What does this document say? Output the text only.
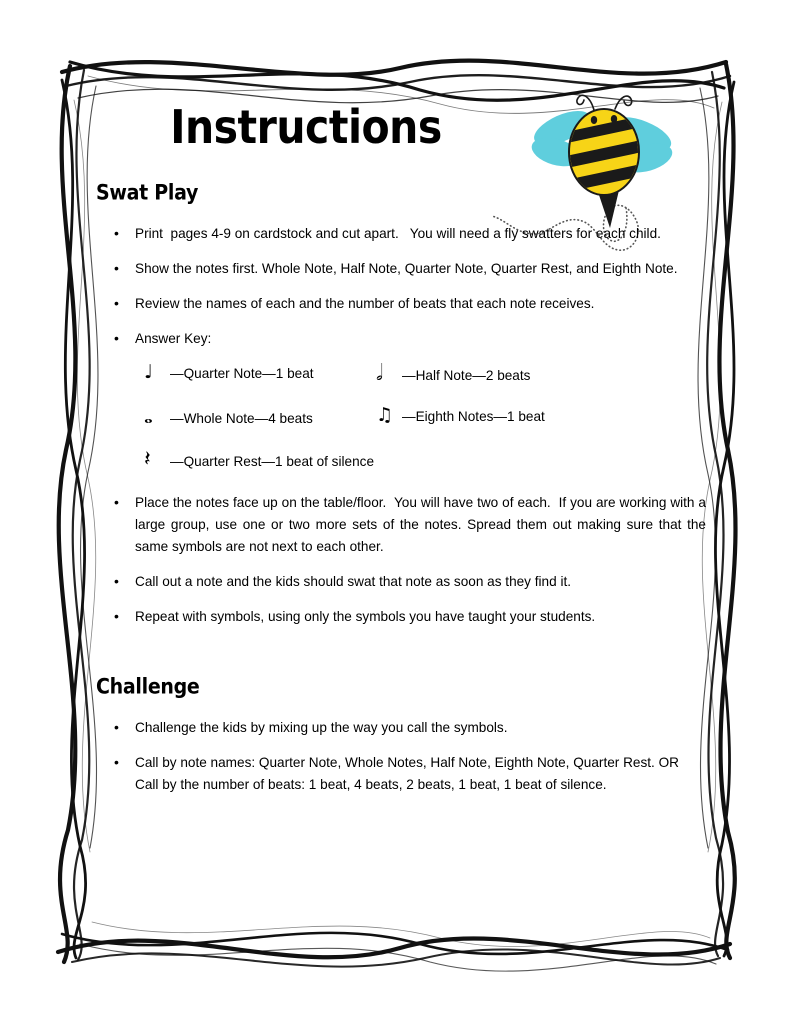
Instructions
Swat Play
• Print  pages 4-9 on cardstock and cut apart.   You will need a fly swatters for each child.
• Show the notes first. Whole Note, Half Note, Quarter Note, Quarter Rest, and Eighth Note.
• Review the names of each and the number of beats that each note receives.
• Answer Key:
♩	—Quarter Note—1 beat	𝅗𝅥	—Half Note—2 beats
𝅝	—Whole Note—4 beats	♫ —Eighth Notes—1 beat
𝄽	—Quarter Rest—1 beat of silence
• Place the notes face up on the table/floor.  You will have two of each.  If you are working with a large group, use one or two more sets of the notes. Spread them out making sure that the same symbols are not next to each other.
• Call out a note and the kids should swat that note as soon as they find it.
• Repeat with symbols, using only the symbols you have taught your students.
Challenge
• Challenge the kids by mixing up the way you call the symbols.
• Call by note names: Quarter Note, Whole Notes, Half Note, Eighth Note, Quarter Rest. OR Call by the number of beats: 1 beat, 4 beats, 2 beats, 1 beat, 1 beat of silence.
